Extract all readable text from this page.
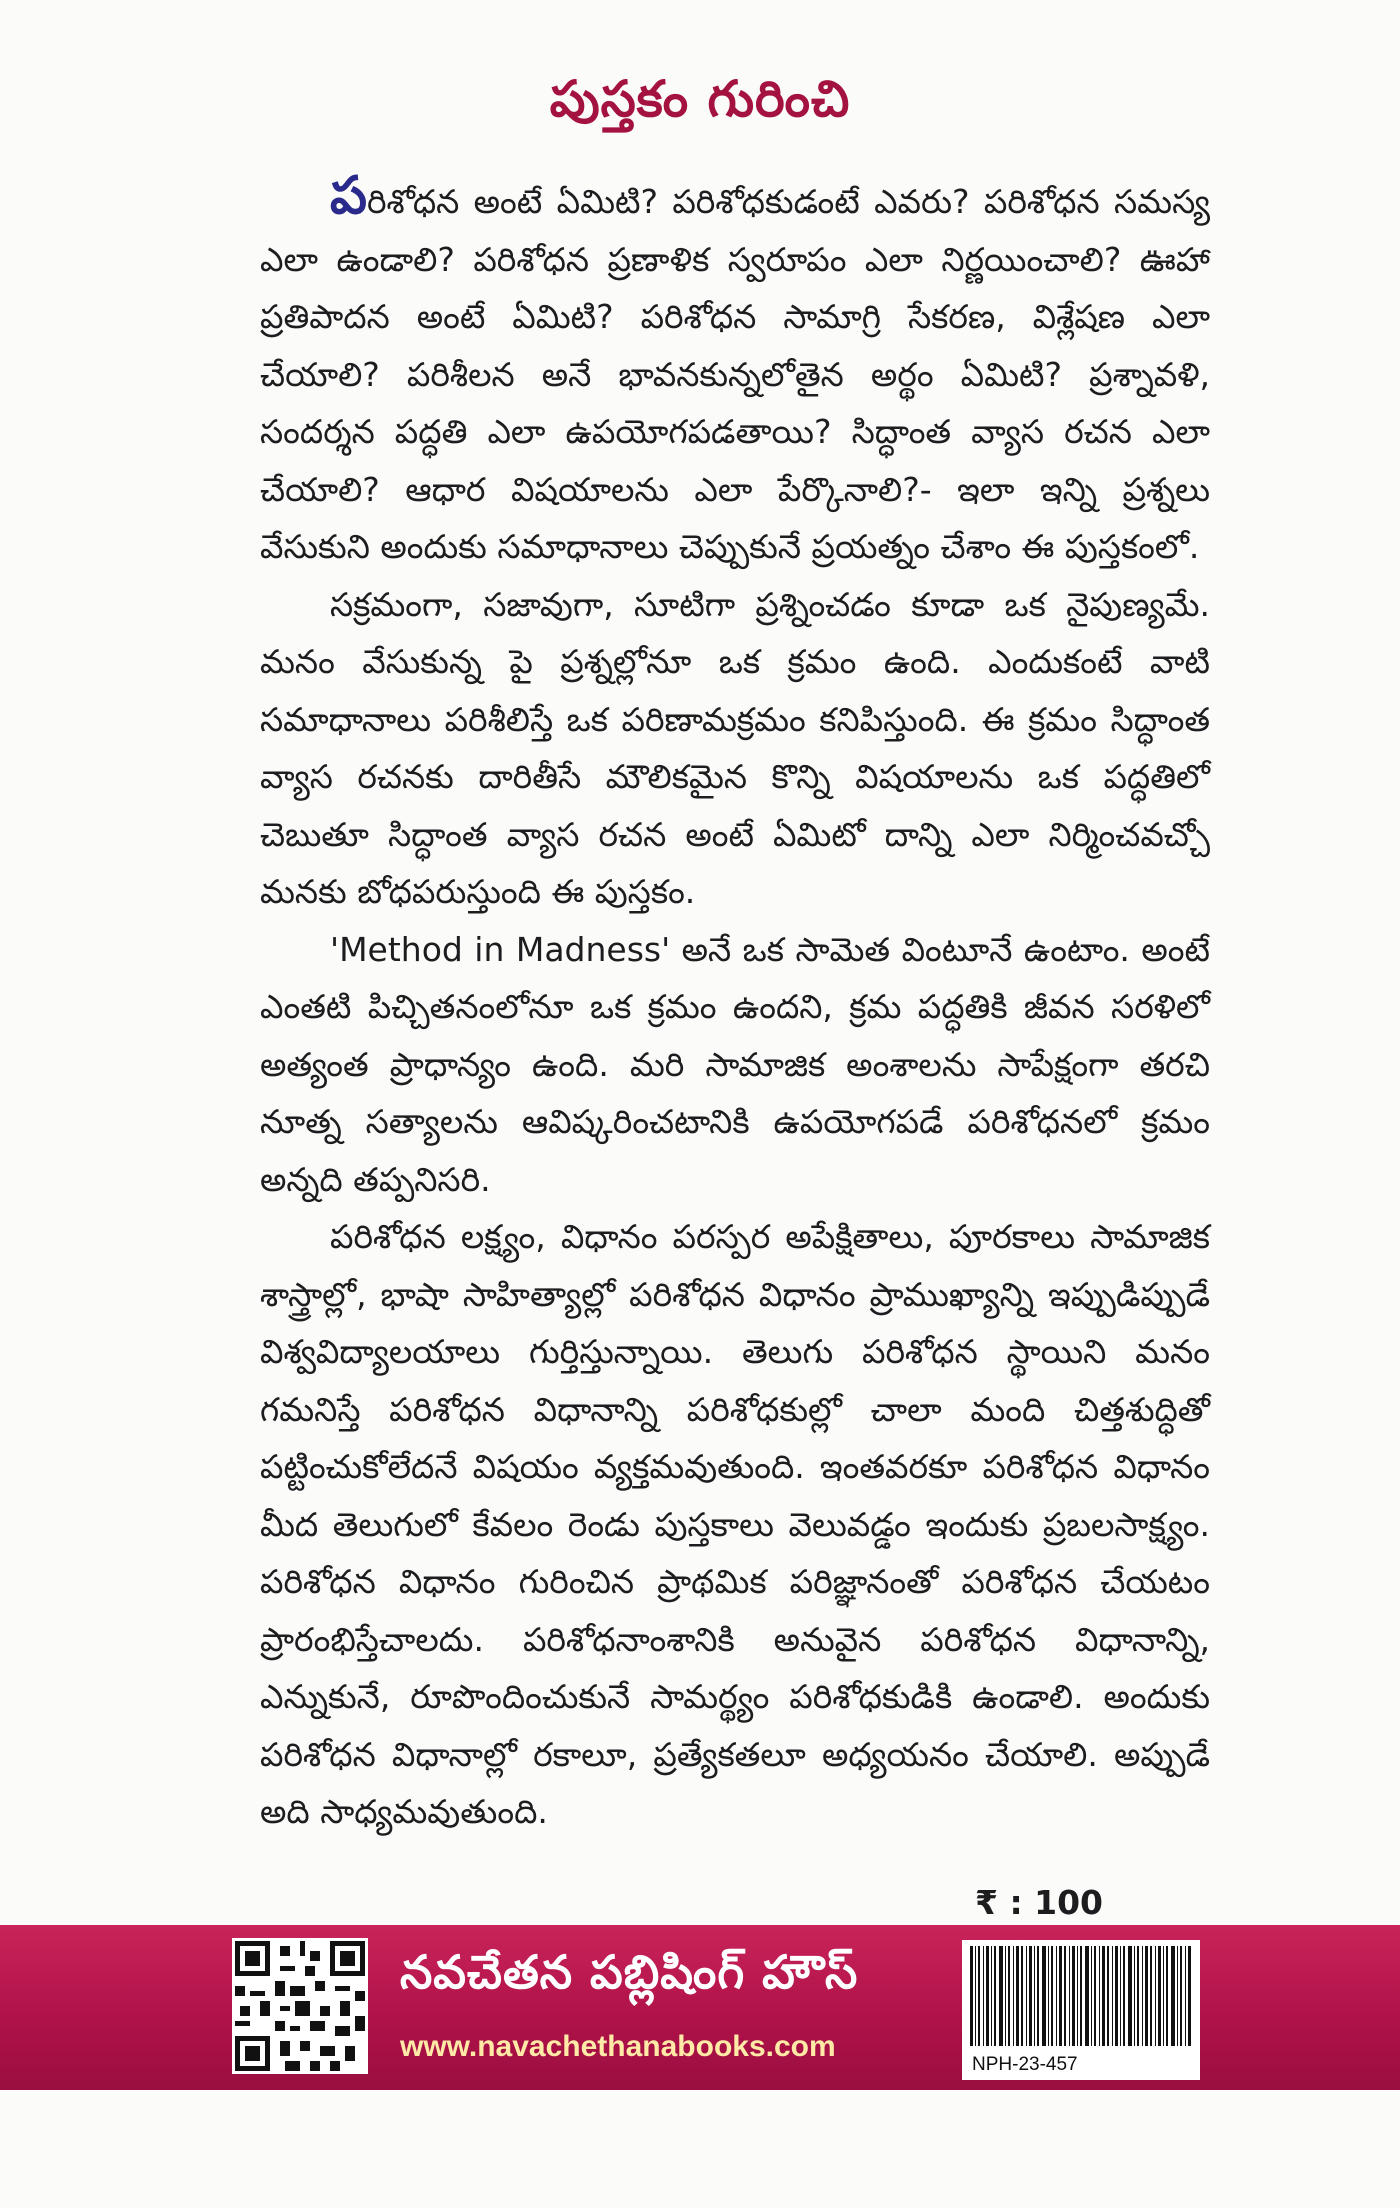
పుస్తకం గురించి

పరిశోధన అంటే ఏమిటి? పరిశోధకుడంటే ఎవరు? పరిశోధన సమస్య ఎలా ఉండాలి? పరిశోధన ప్రణాళిక స్వరూపం ఎలా నిర్ణయించాలి? ఊహా ప్రతిపాదన అంటే ఏమిటి? పరిశోధన సామాగ్రి సేకరణ, విశ్లేషణ ఎలా చేయాలి? పరిశీలన అనే భావనకున్నలోతైన అర్థం ఏమిటి? ప్రశ్నావళి, సందర్శన పద్ధతి ఎలా ఉపయోగపడతాయి? సిద్ధాంత వ్యాస రచన ఎలా చేయాలి? ఆధార విషయాలను ఎలా పేర్కొనాలి?- ఇలా ఇన్ని ప్రశ్నలు వేసుకుని అందుకు సమాధానాలు చెప్పుకునే ప్రయత్నం చేశాం ఈ పుస్తకంలో.

సక్రమంగా, సజావుగా, సూటిగా ప్రశ్నించడం కూడా ఒక నైపుణ్యమే. మనం వేసుకున్న పై ప్రశ్నల్లోనూ ఒక క్రమం ఉంది. ఎందుకంటే వాటి సమాధానాలు పరిశీలిస్తే ఒక పరిణామక్రమం కనిపిస్తుంది. ఈ క్రమం సిద్ధాంత వ్యాస రచనకు దారితీసే మౌలికమైన కొన్ని విషయాలను ఒక పద్ధతిలో చెబుతూ సిద్ధాంత వ్యాస రచన అంటే ఏమిటో దాన్ని ఎలా నిర్మించవచ్చో మనకు బోధపరుస్తుంది ఈ పుస్తకం.

'Method in Madness' అనే ఒక సామెత వింటూనే ఉంటాం. అంటే ఎంతటి పిచ్చితనంలోనూ ఒక క్రమం ఉందని, క్రమ పద్ధతికి జీవన సరళిలో అత్యంత ప్రాధాన్యం ఉంది. మరి సామాజిక అంశాలను సాపేక్షంగా తరచి నూత్న సత్యాలను ఆవిష్కరించటానికి ఉపయోగపడే పరిశోధనలో క్రమం అన్నది తప్పనిసరి.

పరిశోధన లక్ష్యం, విధానం పరస్పర అపేక్షితాలు, పూరకాలు సామాజిక శాస్త్రాల్లో, భాషా సాహిత్యాల్లో పరిశోధన విధానం ప్రాముఖ్యాన్ని ఇప్పుడిప్పుడే విశ్వవిద్యాలయాలు గుర్తిస్తున్నాయి. తెలుగు పరిశోధన స్థాయిని మనం గమనిస్తే పరిశోధన విధానాన్ని పరిశోధకుల్లో చాలా మంది చిత్తశుద్ధితో పట్టించుకోలేదనే విషయం వ్యక్తమవుతుంది. ఇంతవరకూ పరిశోధన విధానం మీద తెలుగులో కేవలం రెండు పుస్తకాలు వెలువడ్డం ఇందుకు ప్రబలసాక్ష్యం. పరిశోధన విధానం గురించిన ప్రాథమిక పరిజ్ఞానంతో పరిశోధన చేయటం ప్రారంభిస్తేచాలదు. పరిశోధనాంశానికి అనువైన పరిశోధన విధానాన్ని, ఎన్నుకునే, రూపొందించుకునే సామర్థ్యం పరిశోధకుడికి ఉండాలి. అందుకు పరిశోధన విధానాల్లో రకాలూ, ప్రత్యేకతలూ అధ్యయనం చేయాలి. అప్పుడే అది సాధ్యమవుతుంది.

₹ : 100
నవచేతన పబ్లిషింగ్ హౌస్
www.navachethanabooks.com
NPH-23-457
